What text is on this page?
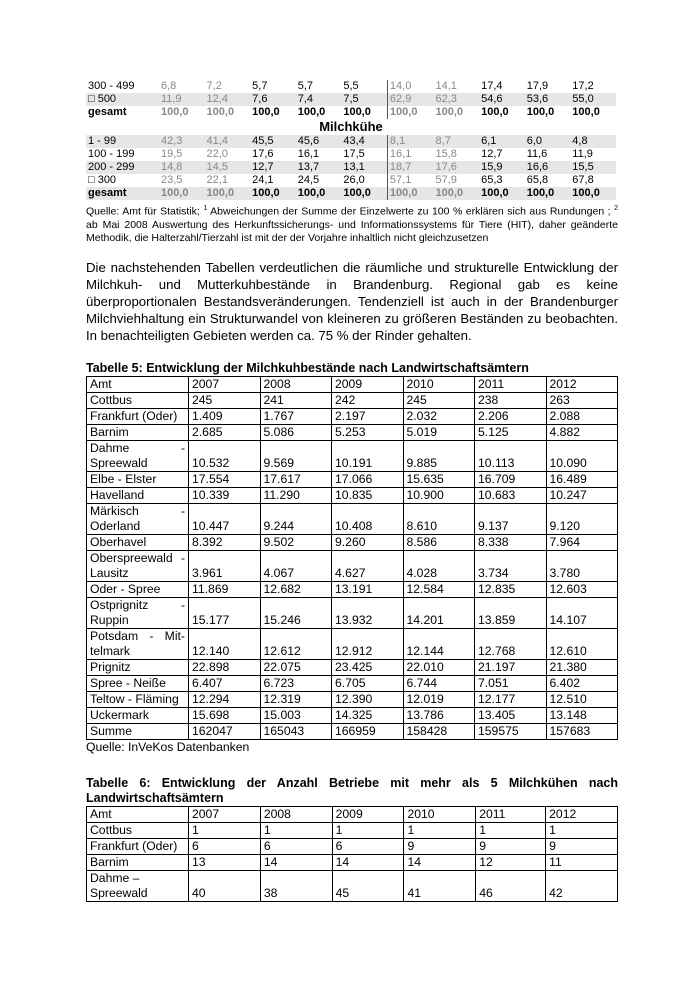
300 - 499	6,8	7,2	5,7	5,7	5,5	14,0	14,1	17,4	17,9	17,2
□ 500	11,9	12,4	7,6	7,4	7,5	62,9	62,3	54,6	53,6	55,0
gesamt	100,0	100,0	100,0	100,0	100,0	100,0	100,0	100,0	100,0	100,0
Milchkühe										
1 - 99	42,3	41,4	45,5	45,6	43,4	8,1	8,7	6,1	6,0	4,8
100 - 199	19,5	22,0	17,6	16,1	17,5	16,1	15,8	12,7	11,6	11,9
200 - 299	14,8	14,5	12,7	13,7	13,1	18,7	17,6	15,9	16,6	15,5
□ 300	23,5	22,1	24,1	24,5	26,0	57,1	57,9	65,3	65,8	67,8
gesamt	100,0	100,0	100,0	100,0	100,0	100,0	100,0	100,0	100,0	100,0
Quelle: Amt für Statistik; $^1$ Abweichungen der Summe der Einzelwerte zu 100 % erklären sich aus Rundungen ; $^2$ ab Mai 2008 Auswertung des Herkunftssicherungs- und Informationssystems für Tiere (HIT), daher geänderte Methodik, die Halterzahl/Tierzahl ist mit der der Vorjahre inhaltlich nicht gleichzusetzen
Die nachstehenden Tabellen verdeutlichen die räumliche und strukturelle Entwicklung der Milchkuh- und Mutterkuhbestände in Brandenburg. Regional gab es keine überproportionalen Bestandsveränderungen. Tendenziell ist auch in der Brandenburger Milchviehhaltung ein Strukturwandel von kleineren zu größeren Beständen zu beobachten. In benachteiligten Gebieten werden ca. 75 % der Rinder gehalten.
Tabelle 5: Entwicklung der Milchkuhbestände nach Landwirtschaftsämtern
Amt	2007	2008	2009	2010	2011	2012

Cottbus	245	241	242	245	238	263

Frankfurt (Oder)	1.409	1.767	2.197	2.032	2.206	2.088

Barnim	2.685	5.086	5.253	5.019	5.125	4.882

Dahme -
Spreewald	10.532	9.569	10.191	9.885	10.113	10.090

Elbe - Elster	17.554	17.617	17.066	15.635	16.709	16.489

Havelland	10.339	11.290	10.835	10.900	10.683	10.247

Märkisch -
Oderland	10.447	9.244	10.408	8.610	9.137	9.120

Oberhavel	8.392	9.502	9.260	8.586	8.338	7.964

Oberspreewald -
Lausitz	3.961	4.067	4.627	4.028	3.734	3.780

Oder - Spree	11.869	12.682	13.191	12.584	12.835	12.603

Ostprignitz -
Ruppin	15.177	15.246	13.932	14.201	13.859	14.107

Potsdam - Mit-
telmark	12.140	12.612	12.912	12.144	12.768	12.610

Prignitz	22.898	22.075	23.425	22.010	21.197	21.380

Spree - Neiße	6.407	6.723	6.705	6.744	7.051	6.402

Teltow - Fläming	12.294	12.319	12.390	12.019	12.177	12.510

Uckermark	15.698	15.003	14.325	13.786	13.405	13.148

Summe	162047	165043	166959	158428	159575	157683
Quelle: InVeKos Datenbanken
Tabelle 6: Entwicklung der Anzahl Betriebe mit mehr als 5 Milchkühen nach Landwirtschaftsämtern
Amt	2007	2008	2009	2010	2011	2012

Cottbus	1	1	1	1	1	1

Frankfurt (Oder)	6	6	6	9	9	9

Barnim	13	14	14	14	12	11

Dahme – Spreewald	40	38	45	41	46	42
